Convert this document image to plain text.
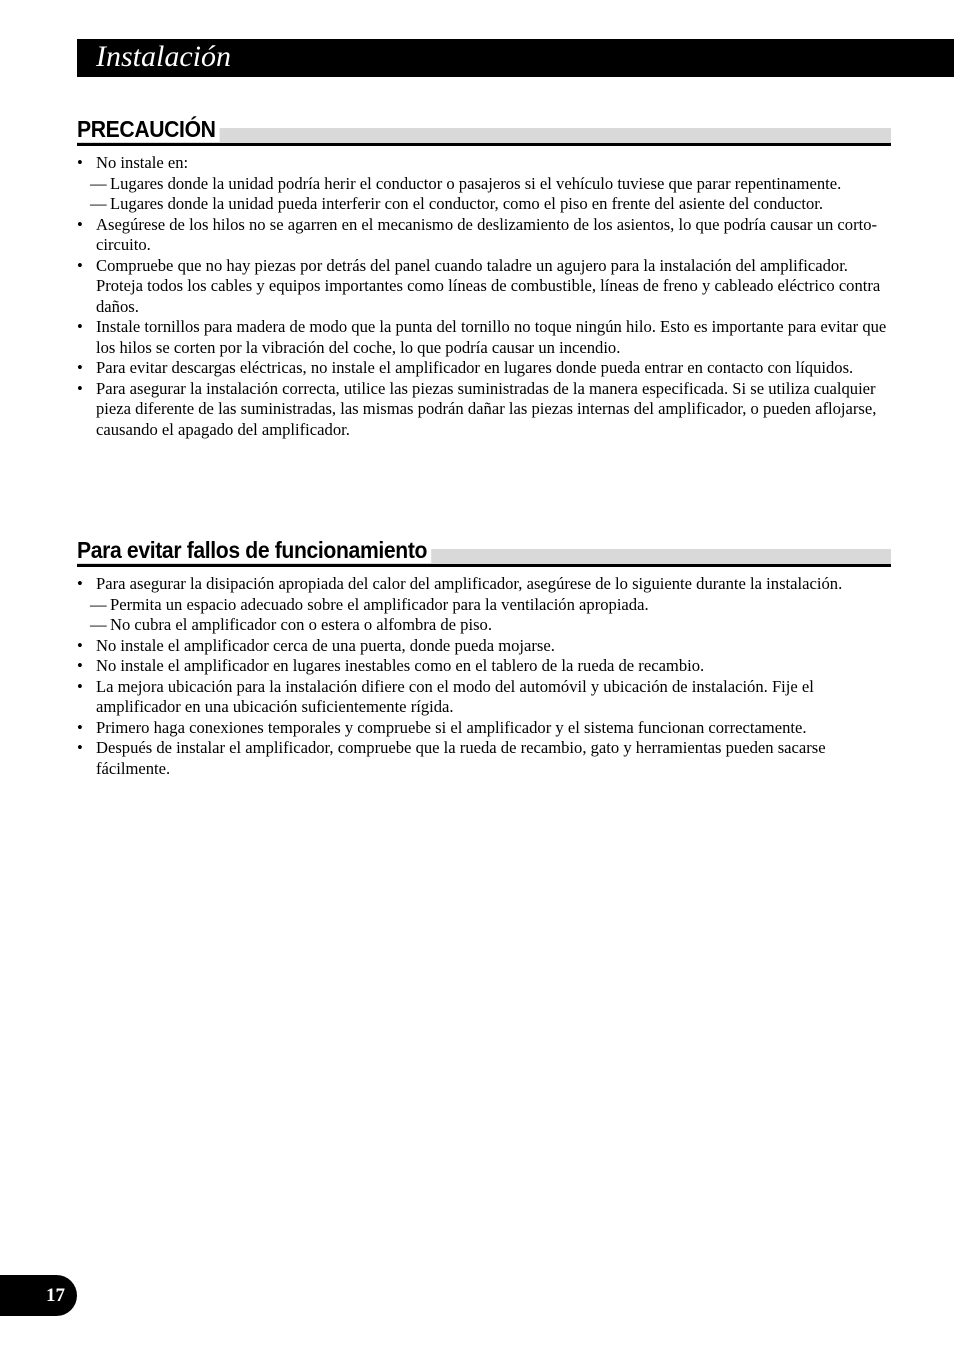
Instalación
PRECAUCIÓN
• No instale en:
— Lugares donde la unidad podría herir el conductor o pasajeros si el vehículo tuviese que parar repentinamente.
— Lugares donde la unidad pueda interferir con el conductor, como el piso en frente del asiente del conductor.
• Asegúrese de los hilos no se agarren en el mecanismo de deslizamiento de los asientos, lo que podría causar un corto-circuito.
• Compruebe que no hay piezas por detrás del panel cuando taladre un agujero para la instalación del amplificador. Proteja todos los cables y equipos importantes como líneas de combustible, líneas de freno y cableado eléctrico contra daños.
• Instale tornillos para madera de modo que la punta del tornillo no toque ningún hilo. Esto es importante para evitar que los hilos se corten por la vibración del coche, lo que podría causar un incendio.
• Para evitar descargas eléctricas, no instale el amplificador en lugares donde pueda entrar en contacto con líquidos.
• Para asegurar la instalación correcta, utilice las piezas suministradas de la manera especificada. Si se utiliza cualquier pieza diferente de las suministradas, las mismas podrán dañar las piezas internas del amplificador, o pueden aflojarse, causando el apagado del amplificador.
Para evitar fallos de funcionamiento
• Para asegurar la disipación apropiada del calor del amplificador, asegúrese de lo siguiente durante la instalación.
— Permita un espacio adecuado sobre el amplificador para la ventilación apropiada.
— No cubra el amplificador con o estera o alfombra de piso.
• No instale el amplificador cerca de una puerta, donde pueda mojarse.
• No instale el amplificador en lugares inestables como en el tablero de la rueda de recambio.
• La mejora ubicación para la instalación difiere con el modo del automóvil y ubicación de instalación. Fije el amplificador en una ubicación suficientemente rígida.
• Primero haga conexiones temporales y compruebe si el amplificador y el sistema funcionan correctamente.
• Después de instalar el amplificador, compruebe que la rueda de recambio, gato y herramientas pueden sacarse fácilmente.
17
